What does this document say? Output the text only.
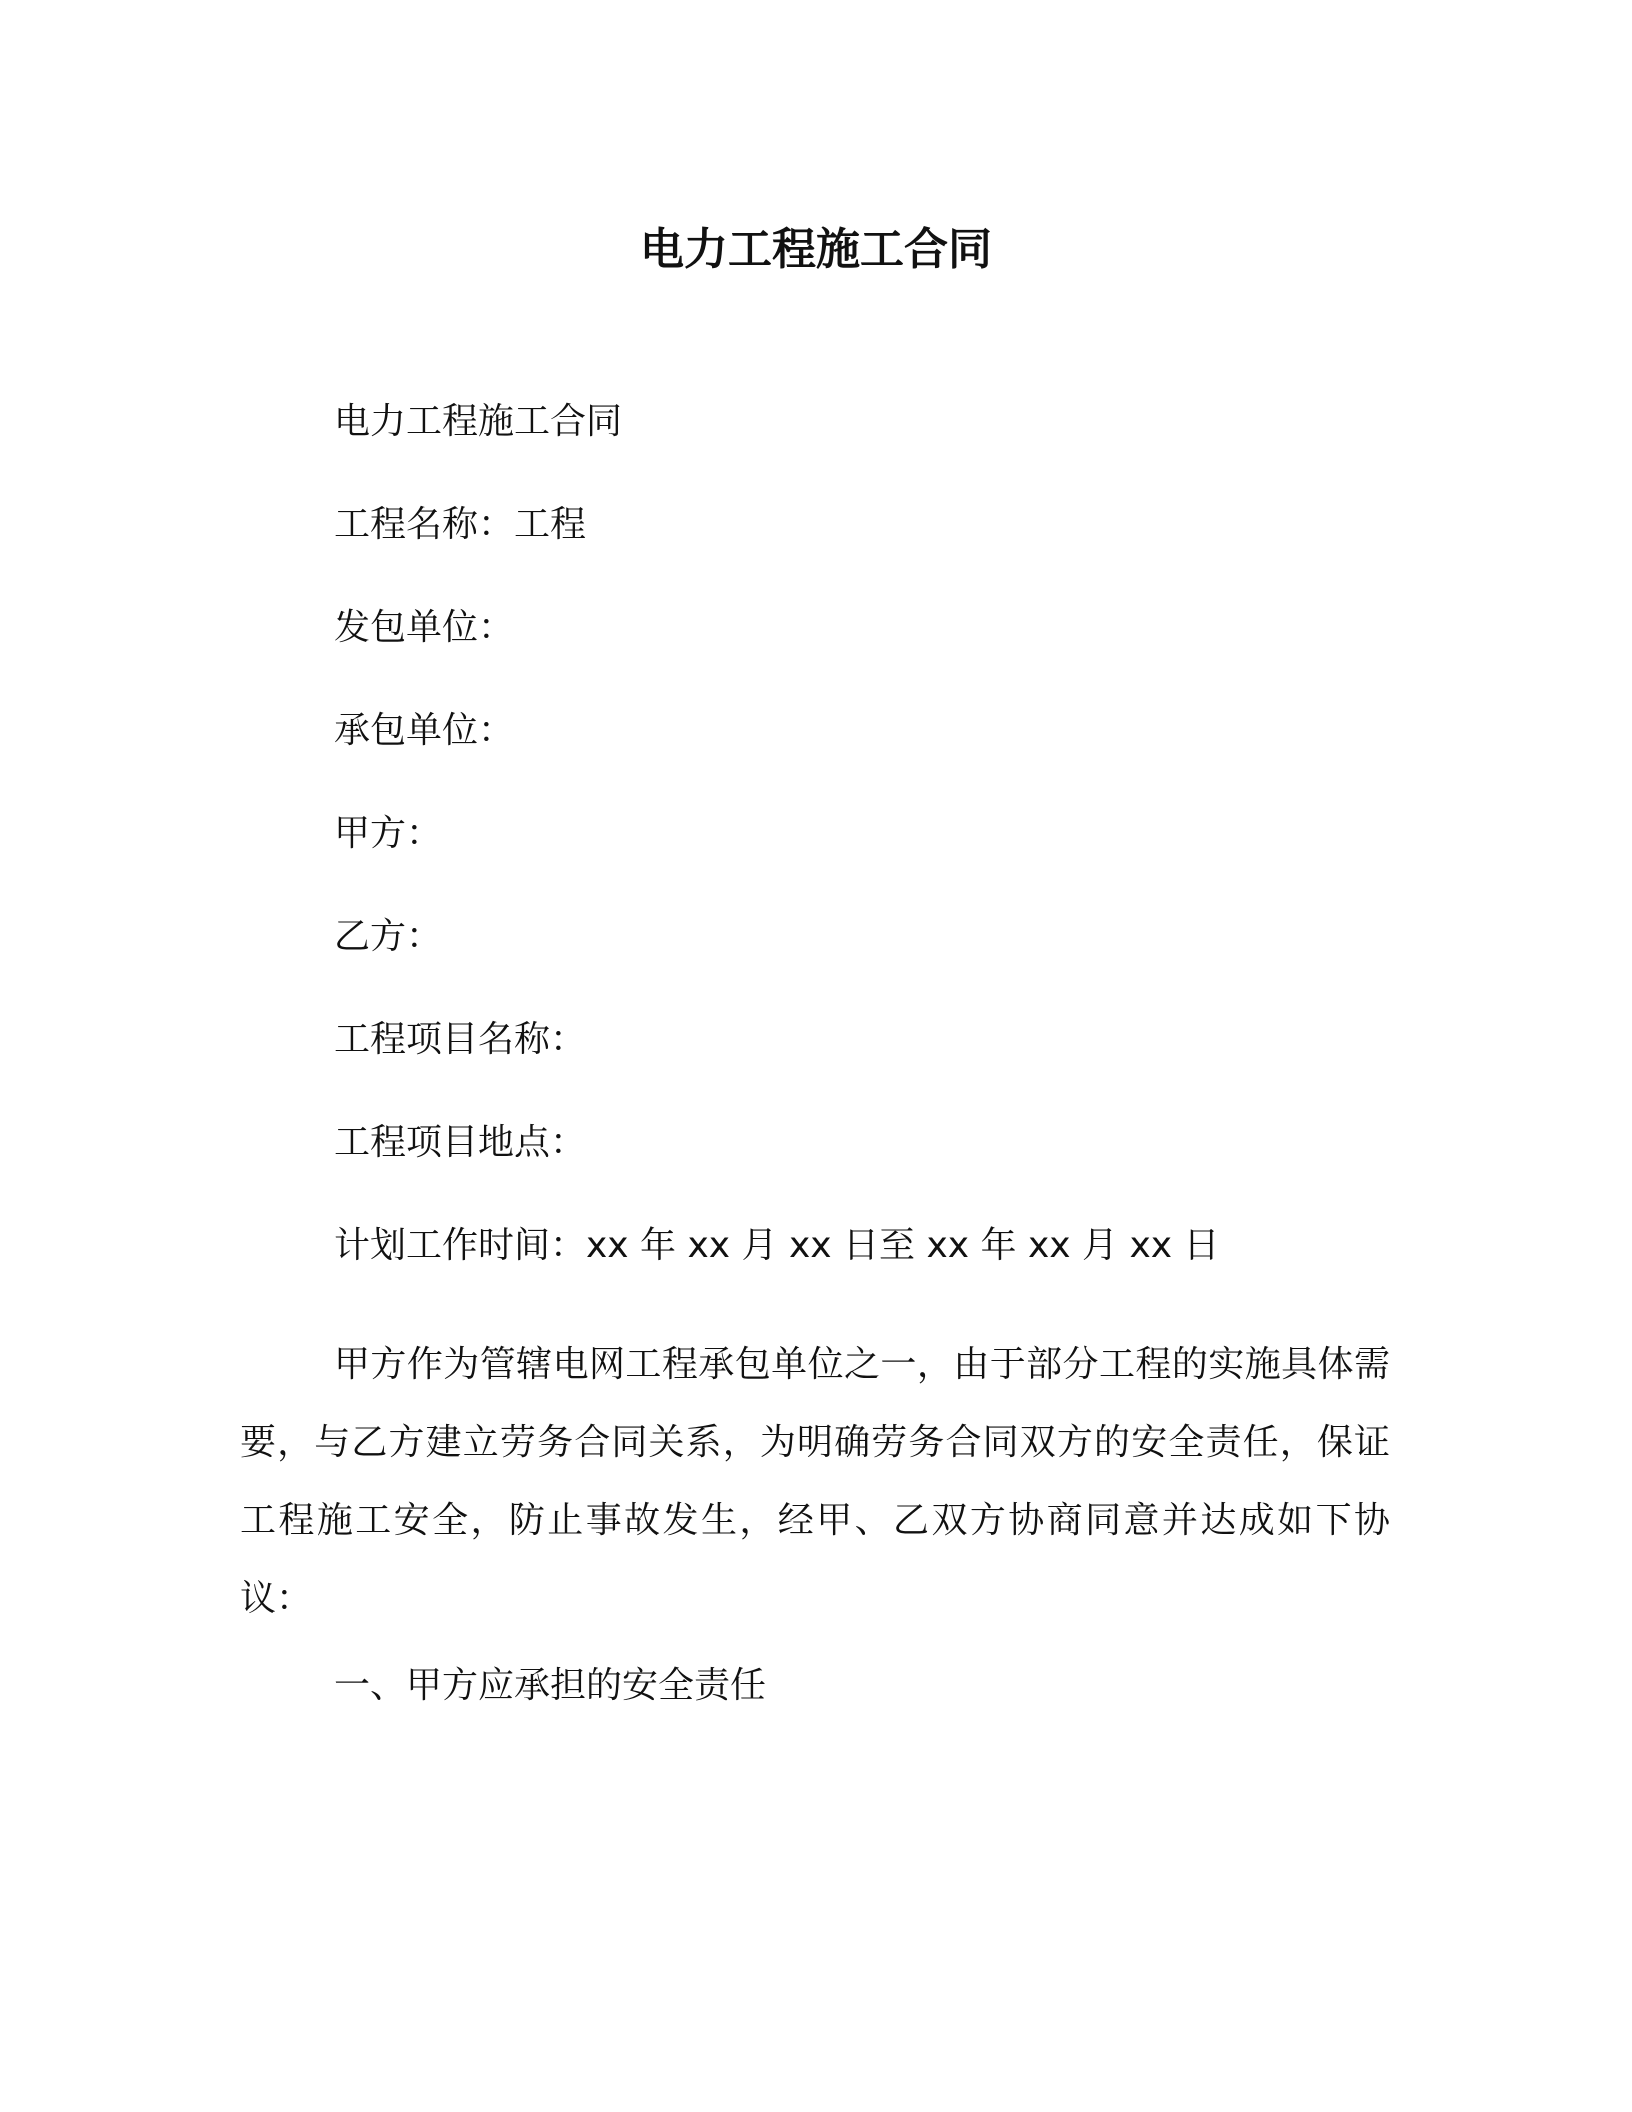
电力工程施工合同

电力工程施工合同

工程名称：工程

发包单位：

承包单位：

甲方：

乙方：

工程项目名称：

工程项目地点：

计划工作时间：xx 年 xx 月 xx 日至 xx 年 xx 月 xx 日

甲方作为管辖电网工程承包单位之一，由于部分工程的实施具体需要，与乙方建立劳务合同关系，为明确劳务合同双方的安全责任，保证工程施工安全，防止事故发生，经甲、乙双方协商同意并达成如下协议：

一、甲方应承担的安全责任
